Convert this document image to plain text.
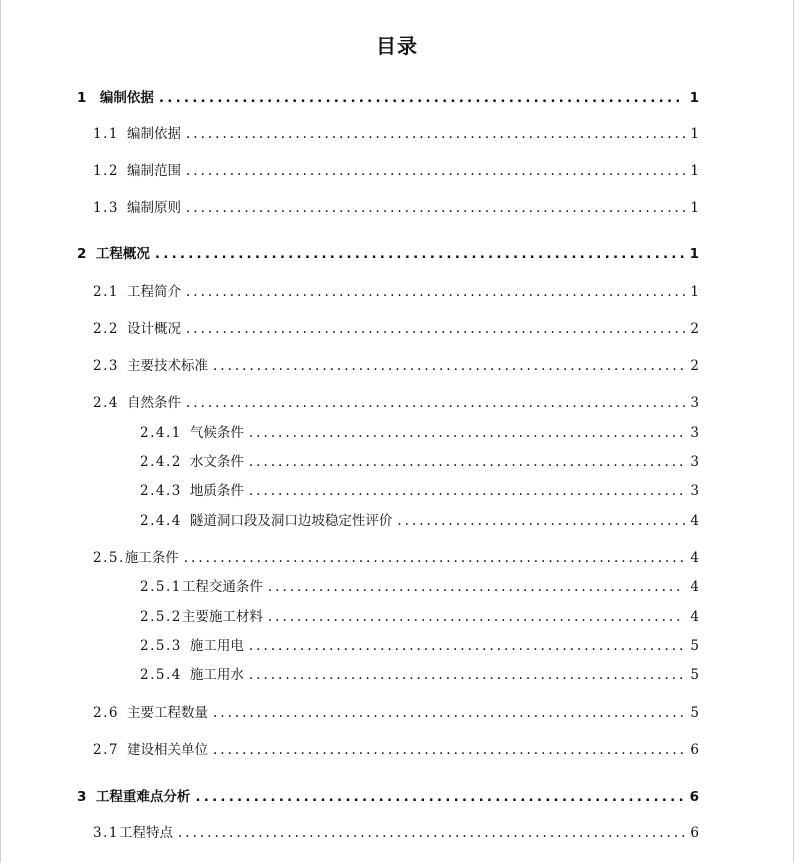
目录
1 编制依据 .....	1
1.1 编制依据 .....	1
1.2 编制范围 .....	1
1.3 编制原则 .....	1
2 工程概况 .....	1
2.1 工程简介 .....	1
2.2 设计概况 .....	2
2.3 主要技术标准 .....	2
2.4 自然条件 .....	3
2.4.1 气候条件 .....	3
2.4.2 水文条件 .....	3
2.4.3 地质条件 .....	3
2.4.4 隧道洞口段及洞口边坡稳定性评价 .....	4
2.5. 施工条件 .....	4
2.5.1 工程交通条件 .....	4
2.5.2 主要施工材料 .....	4
2.5.3 施工用电 .....	5
2.5.4 施工用水 .....	5
2.6 主要工程数量 .....	5
2.7 建设相关单位 .....	6
3 工程重难点分析 .....	6
3.1 工程特点 .....	6
